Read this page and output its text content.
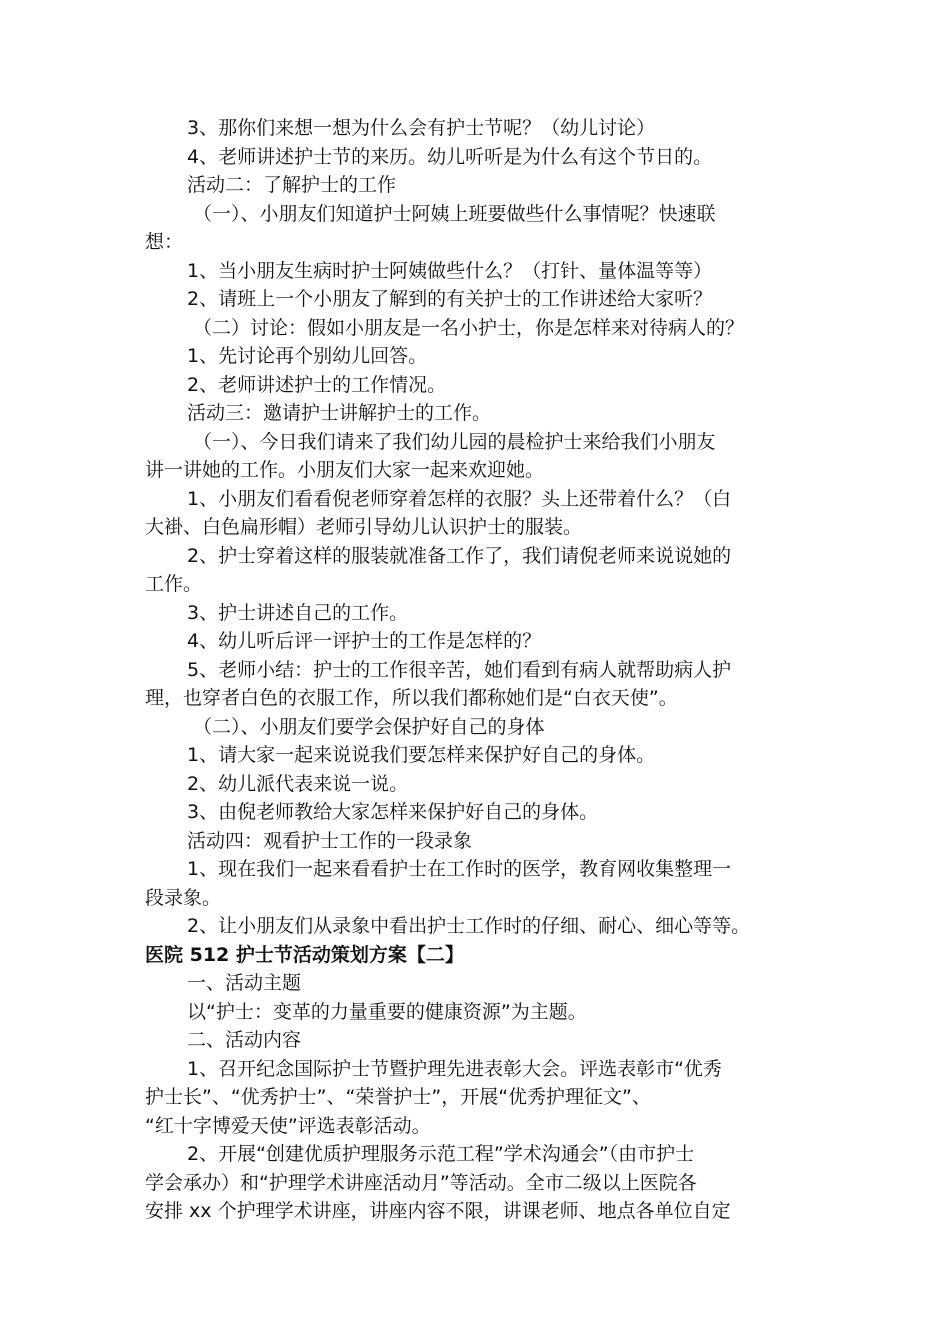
3、那你们来想一想为什么会有护士节呢？（幼儿讨论）
4、老师讲述护士节的来历。幼儿听听是为什么有这个节日的。
活动二：了解护士的工作
（一）、小朋友们知道护士阿姨上班要做些什么事情呢？快速联
想：
1、当小朋友生病时护士阿姨做些什么？（打针、量体温等等）
2、请班上一个小朋友了解到的有关护士的工作讲述给大家听？
（二）讨论：假如小朋友是一名小护士，你是怎样来对待病人的？
1、先讨论再个别幼儿回答。
2、老师讲述护士的工作情况。
活动三：邀请护士讲解护士的工作。
（一）、今日我们请来了我们幼儿园的晨检护士来给我们小朋友
讲一讲她的工作。小朋友们大家一起来欢迎她。
1、小朋友们看看倪老师穿着怎样的衣服？头上还带着什么？（白
大褂、白色扁形帽）老师引导幼儿认识护士的服装。
2、护士穿着这样的服装就准备工作了，我们请倪老师来说说她的
工作。
3、护士讲述自己的工作。
4、幼儿听后评一评护士的工作是怎样的？
5、老师小结：护士的工作很辛苦，她们看到有病人就帮助病人护
理，也穿者白色的衣服工作，所以我们都称她们是“白衣天使”。
（二）、小朋友们要学会保护好自己的身体
1、请大家一起来说说我们要怎样来保护好自己的身体。
2、幼儿派代表来说一说。
3、由倪老师教给大家怎样来保护好自己的身体。
活动四：观看护士工作的一段录象
1、现在我们一起来看看护士在工作时的医学，教育网收集整理一
段录象。
2、让小朋友们从录象中看出护士工作时的仔细、耐心、细心等等。
医院 512 护士节活动策划方案【二】
一、活动主题
以“护士：变革的力量重要的健康资源”为主题。
二、活动内容
1、召开纪念国际护士节暨护理先进表彰大会。评选表彰市“优秀
护士长”、“优秀护士”、“荣誉护士”，开展“优秀护理征文”、
“红十字博爱天使”评选表彰活动。
2、开展“创建优质护理服务示范工程”学术沟通会”（由市护士
学会承办）和“护理学术讲座活动月”等活动。全市二级以上医院各
安排 xx 个护理学术讲座，讲座内容不限，讲课老师、地点各单位自定
